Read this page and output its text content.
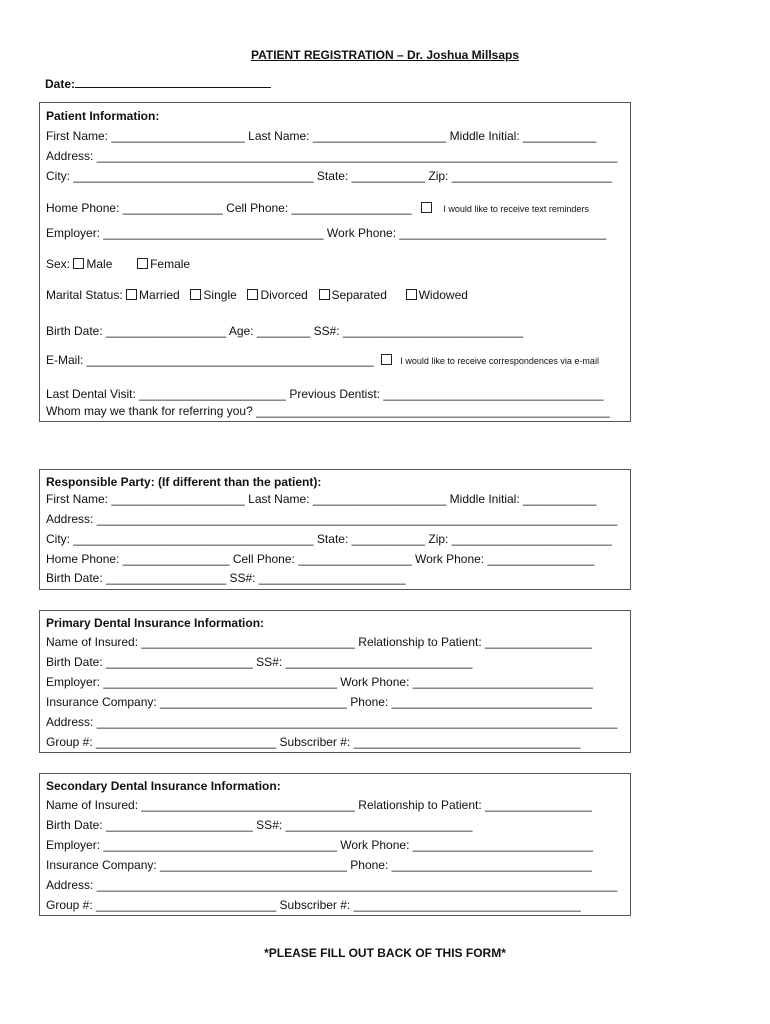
PATIENT REGISTRATION – Dr. Joshua Millsaps
Date:
Patient Information:
First Name: ____________________ Last Name: ____________________ Middle Initial: ___________
Address: ______________________________________________________________________________
City: ____________________________________ State: ___________ Zip: ________________________
Home Phone: _______________ Cell Phone: __________________	I would like to receive text reminders
Employer: _________________________________ Work Phone: _______________________________
Sex: Male	Female
Marital Status: Married Single Divorced Separated	Widowed
Birth Date: __________________ Age: ________ SS#: ___________________________
E-Mail: ___________________________________________	I would like to receive correspondences via e-mail
Last Dental Visit: ______________________ Previous Dentist: _________________________________
Whom may we thank for referring you? _____________________________________________________
Responsible Party: (If different than the patient):
First Name: ____________________ Last Name: ____________________ Middle Initial: ___________
Address: ______________________________________________________________________________
City: ____________________________________ State: ___________ Zip: ________________________
Home Phone: ________________ Cell Phone: _________________ Work Phone: ________________
Birth Date: __________________ SS#: ______________________
Primary Dental Insurance Information:
Name of Insured: ________________________________ Relationship to Patient: ________________
Birth Date: ______________________ SS#: ____________________________
Employer: ___________________________________ Work Phone: ___________________________
Insurance Company: ____________________________ Phone: ______________________________
Address: ______________________________________________________________________________
Group #: ___________________________ Subscriber #: __________________________________
Secondary Dental Insurance Information:
Name of Insured: ________________________________ Relationship to Patient: ________________
Birth Date: ______________________ SS#: ____________________________
Employer: ___________________________________ Work Phone: ___________________________
Insurance Company: ____________________________ Phone: ______________________________
Address: ______________________________________________________________________________
Group #: ___________________________ Subscriber #: __________________________________
*PLEASE FILL OUT BACK OF THIS FORM*
